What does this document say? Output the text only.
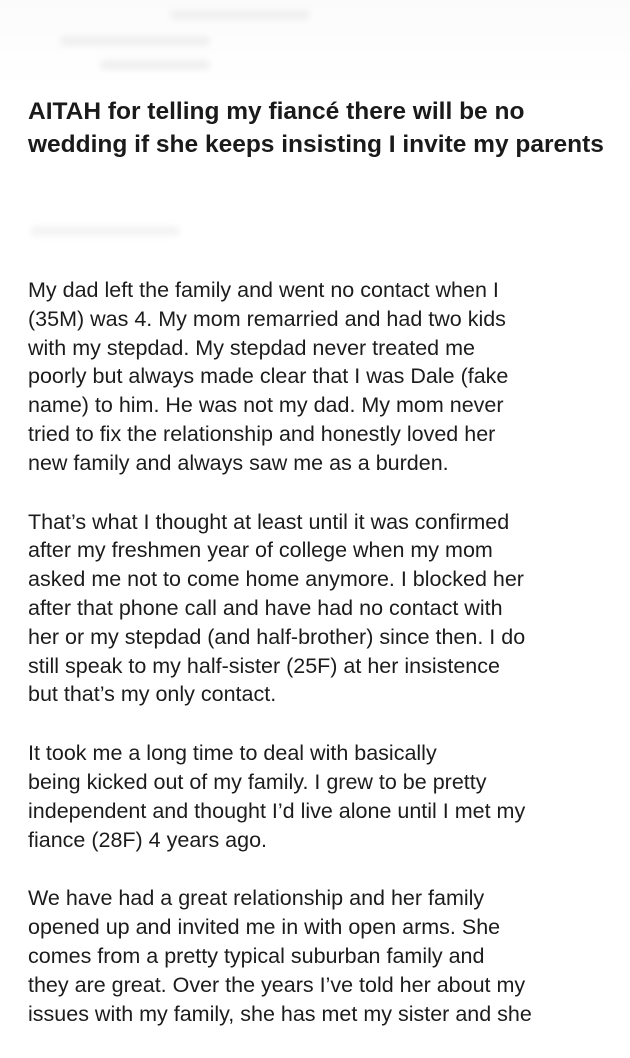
AITAH for telling my fiancé there will be no wedding if she keeps insisting I invite my parents

My dad left the family and went no contact when I
(35M) was 4. My mom remarried and had two kids
with my stepdad. My stepdad never treated me
poorly but always made clear that I was Dale (fake
name) to him. He was not my dad. My mom never
tried to fix the relationship and honestly loved her
new family and always saw me as a burden.

That’s what I thought at least until it was confirmed
after my freshmen year of college when my mom
asked me not to come home anymore. I blocked her
after that phone call and have had no contact with
her or my stepdad (and half-brother) since then. I do
still speak to my half-sister (25F) at her insistence
but that’s my only contact.

It took me a long time to deal with basically
being kicked out of my family. I grew to be pretty
independent and thought I’d live alone until I met my
fiance (28F) 4 years ago.

We have had a great relationship and her family
opened up and invited me in with open arms. She
comes from a pretty typical suburban family and
they are great. Over the years I’ve told her about my
issues with my family, she has met my sister and she
